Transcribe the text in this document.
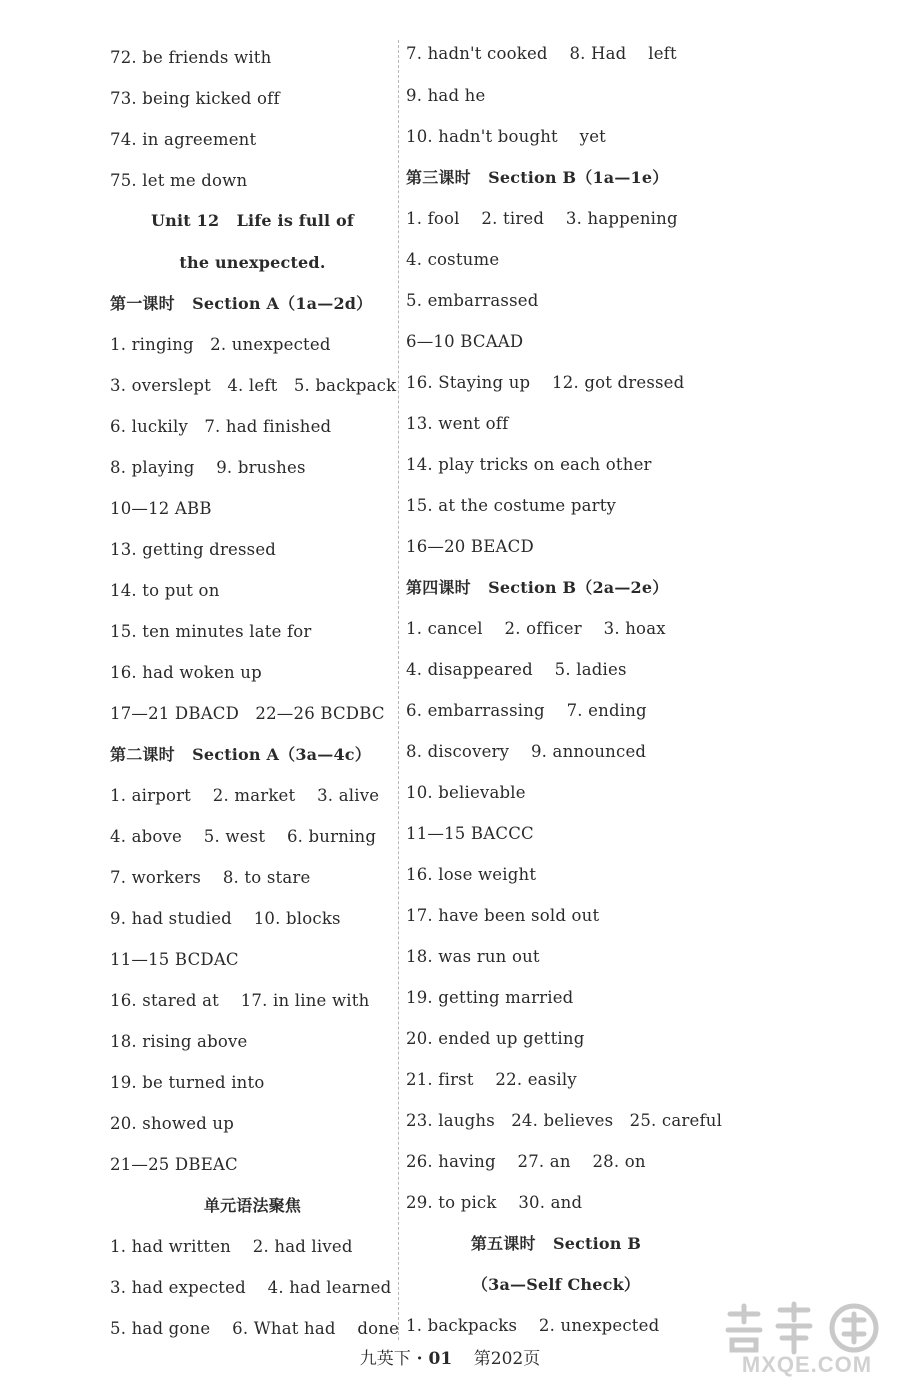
72. be friends with
73. being kicked off
74. in agreement
75. let me down
Unit 12   Life is full of
the unexpected.
第一课时   Section A（1a—2d）
1. ringing   2. unexpected
3. overslept   4. left   5. backpack
6. luckily   7. had finished
8. playing    9. brushes
10—12 ABB
13. getting dressed
14. to put on
15. ten minutes late for
16. had woken up
17—21 DBACD   22—26 BCDBC
第二课时   Section A（3a—4c）
1. airport    2. market    3. alive
4. above    5. west    6. burning
7. workers    8. to stare
9. had studied    10. blocks
11—15 BCDAC
16. stared at    17. in line with
18. rising above
19. be turned into
20. showed up
21—25 DBEAC
单元语法聚焦
1. had written    2. had lived
3. had expected    4. had learned
5. had gone    6. What had    done
7. hadn't cooked    8. Had    left
9. had he
10. hadn't bought    yet
第三课时   Section B（1a—1e）
1. fool    2. tired    3. happening
4. costume
5. embarrassed
6—10 BCAAD
16. Staying up    12. got dressed
13. went off
14. play tricks on each other
15. at the costume party
16—20 BEACD
第四课时   Section B（2a—2e）
1. cancel    2. officer    3. hoax
4. disappeared    5. ladies
6. embarrassing    7. ending
8. discovery    9. announced
10. believable
11—15 BACCC
16. lose weight
17. have been sold out
18. was run out
19. getting married
20. ended up getting
21. first    22. easily
23. laughs   24. believes   25. careful
26. having    27. an    28. on
29. to pick    30. and
第五课时   Section B
（3a—Self Check）
1. backpacks    2. unexpected
九英下 · 01    第202页	MXQE.COM
